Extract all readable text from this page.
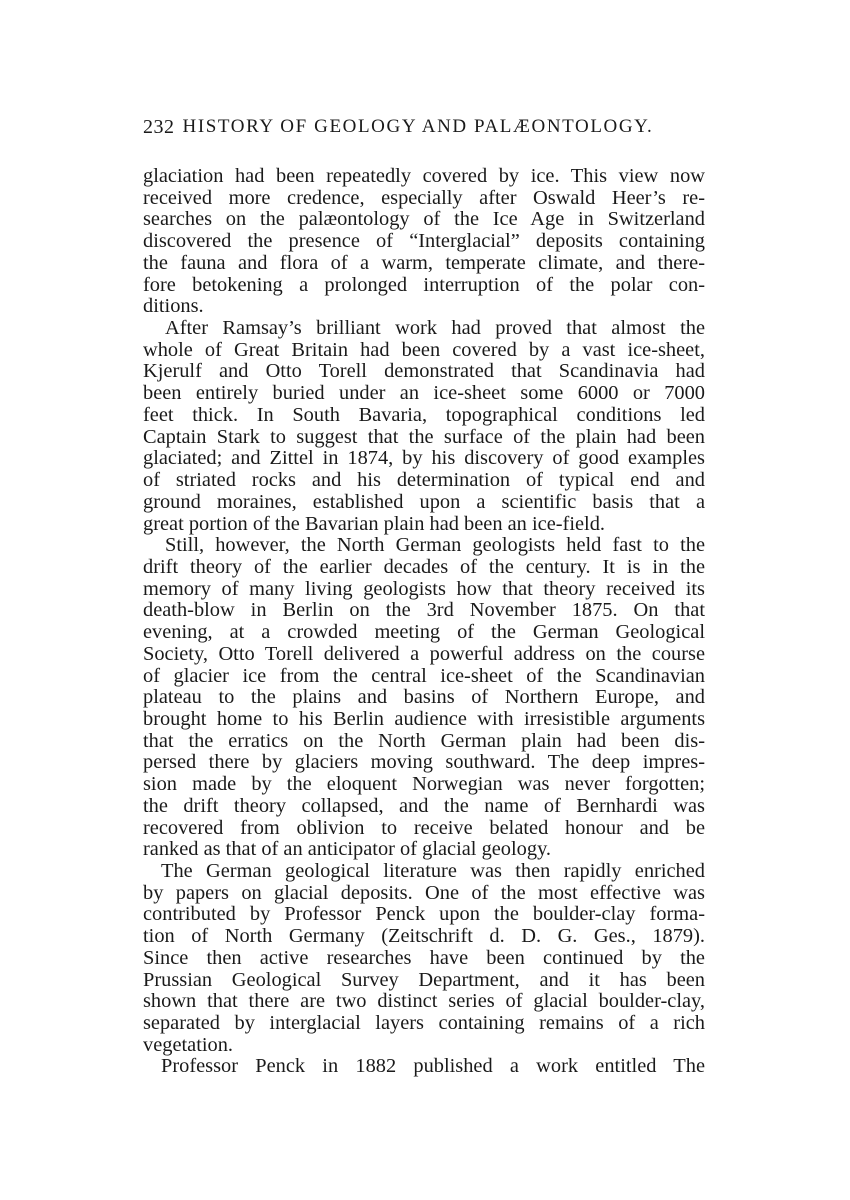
232 HISTORY OF GEOLOGY AND PALÆONTOLOGY.
glaciation had been repeatedly covered by ice. This view now
received more credence, especially after Oswald Heer’s re-
searches on the palæontology of the Ice Age in Switzerland
discovered the presence of “Interglacial” deposits containing
the fauna and flora of a warm, temperate climate, and there-
fore betokening a prolonged interruption of the polar con-
ditions.
After Ramsay’s brilliant work had proved that almost the
whole of Great Britain had been covered by a vast ice-sheet,
Kjerulf and Otto Torell demonstrated that Scandinavia had
been entirely buried under an ice-sheet some 6000 or 7000
feet thick. In South Bavaria, topographical conditions led
Captain Stark to suggest that the surface of the plain had been
glaciated; and Zittel in 1874, by his discovery of good examples
of striated rocks and his determination of typical end and
ground moraines, established upon a scientific basis that a
great portion of the Bavarian plain had been an ice-field.
Still, however, the North German geologists held fast to the
drift theory of the earlier decades of the century. It is in the
memory of many living geologists how that theory received its
death-blow in Berlin on the 3rd November 1875. On that
evening, at a crowded meeting of the German Geological
Society, Otto Torell delivered a powerful address on the course
of glacier ice from the central ice-sheet of the Scandinavian
plateau to the plains and basins of Northern Europe, and
brought home to his Berlin audience with irresistible arguments
that the erratics on the North German plain had been dis-
persed there by glaciers moving southward. The deep impres-
sion made by the eloquent Norwegian was never forgotten;
the drift theory collapsed, and the name of Bernhardi was
recovered from oblivion to receive belated honour and be
ranked as that of an anticipator of glacial geology.
The German geological literature was then rapidly enriched
by papers on glacial deposits. One of the most effective was
contributed by Professor Penck upon the boulder-clay forma-
tion of North Germany (Zeitschrift d. D. G. Ges., 1879).
Since then active researches have been continued by the
Prussian Geological Survey Department, and it has been
shown that there are two distinct series of glacial boulder-clay,
separated by interglacial layers containing remains of a rich
vegetation.
Professor Penck in 1882 published a work entitled The
